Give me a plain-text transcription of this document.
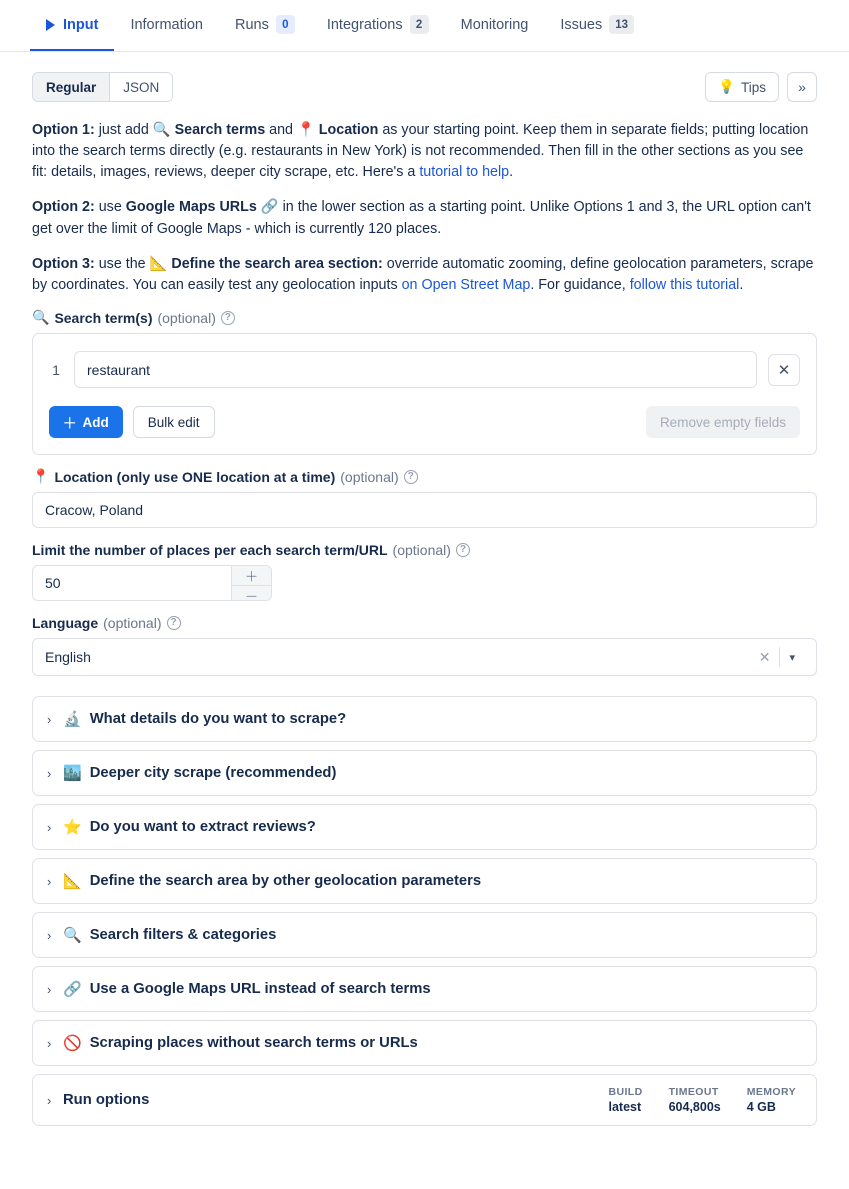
Input Information Runs	0	Integrations	2	Monitoring Issues	13
Regular	JSON	💡 Tips »

Option 1: just add 🔍 Search terms and 📍 Location as your starting point. Keep them in separate fields; putting location into the search terms directly (e.g. restaurants in New York) is not recommended. Then fill in the other sections as you see fit: details, images, reviews, deeper city scrape, etc. Here's a tutorial to help.

Option 2: use Google Maps URLs 🔗 in the lower section as a starting point. Unlike Options 1 and 3, the URL option can't get over the limit of Google Maps - which is currently 120 places.

Option 3: use the 📐 Define the search area section: override automatic zooming, define geolocation parameters, scrape by coordinates. You can easily test any geolocation inputs on Open Street Map. For guidance, follow this tutorial.

🔍 Search term(s) (optional) ?
1
restaurant	✕
＋ Add	Bulk edit	Remove empty fields
📍 Location (only use ONE location at a time) (optional) ?
Cracow, Poland
Limit the number of places per each search term/URL (optional) ?
50
＋
－
Language (optional) ?
English	✕	▾
› 🔬 What details do you want to scrape?
› 🏙️ Deeper city scrape (recommended)
› ⭐ Do you want to extract reviews?
› 📐 Define the search area by other geolocation parameters
› 🔍 Search filters & categories
› 🔗 Use a Google Maps URL instead of search terms
› 🚫 Scraping places without search terms or URLs
› Run options	BUILD
latest
TIMEOUT
604,800s
MEMORY
4 GB
